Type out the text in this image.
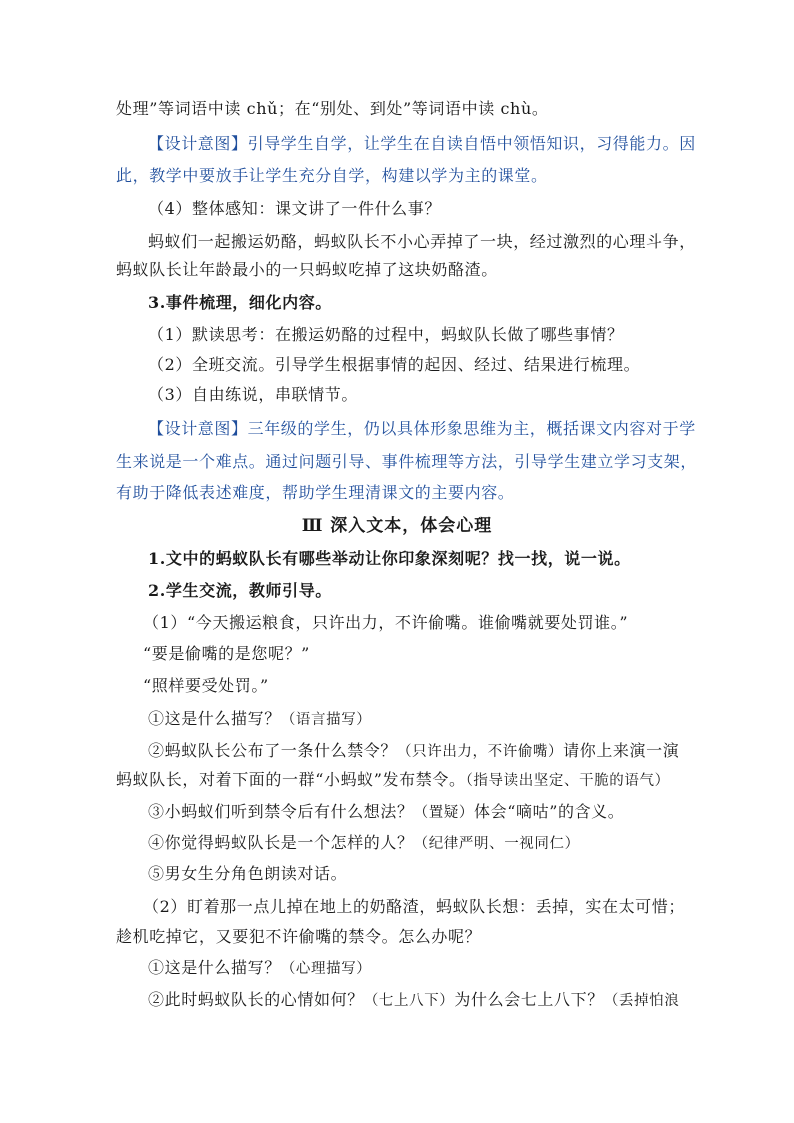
处理”等词语中读 chǔ；在“别处、到处”等词语中读 chù。
【设计意图】引导学生自学，让学生在自读自悟中领悟知识，习得能力。因
此，教学中要放手让学生充分自学，构建以学为主的课堂。
（4）整体感知：课文讲了一件什么事？
蚂蚁们一起搬运奶酪，蚂蚁队长不小心弄掉了一块，经过激烈的心理斗争，
蚂蚁队长让年龄最小的一只蚂蚁吃掉了这块奶酪渣。
3.事件梳理，细化内容。
（1）默读思考：在搬运奶酪的过程中，蚂蚁队长做了哪些事情？
（2）全班交流。引导学生根据事情的起因、经过、结果进行梳理。
（3）自由练说，串联情节。
【设计意图】三年级的学生，仍以具体形象思维为主，概括课文内容对于学
生来说是一个难点。通过问题引导、事件梳理等方法，引导学生建立学习支架，
有助于降低表述难度，帮助学生理清课文的主要内容。
Ⅲ 深入文本，体会心理
1.文中的蚂蚁队长有哪些举动让你印象深刻呢？找一找，说一说。
2.学生交流，教师引导。
（1）“今天搬运粮食，只许出力，不许偷嘴。谁偷嘴就要处罚谁。”
“要是偷嘴的是您呢？”
“照样要受处罚。”
①这是什么描写？（语言描写）
②蚂蚁队长公布了一条什么禁令？（只许出力，不许偷嘴）请你上来演一演
蚂蚁队长，对着下面的一群“小蚂蚁”发布禁令。（指导读出坚定、干脆的语气）
③小蚂蚁们听到禁令后有什么想法？（置疑）体会“嘀咕”的含义。
④你觉得蚂蚁队长是一个怎样的人？（纪律严明、一视同仁）
⑤男女生分角色朗读对话。
（2）盯着那一点儿掉在地上的奶酪渣，蚂蚁队长想：丢掉，实在太可惜；
趁机吃掉它，又要犯不许偷嘴的禁令。怎么办呢？
①这是什么描写？（心理描写）
②此时蚂蚁队长的心情如何？（七上八下）为什么会七上八下？（丢掉怕浪
